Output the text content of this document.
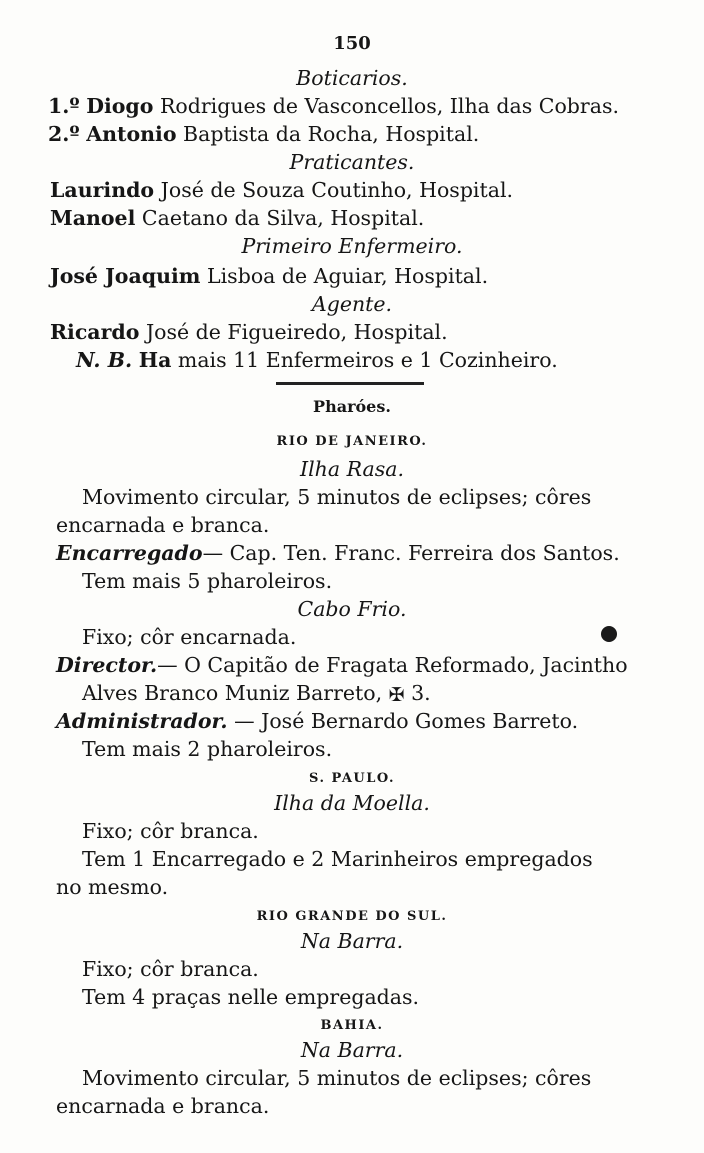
150
Boticarios.
1.º Diogo Rodrigues de Vasconcellos, Ilha das Cobras.
2.º Antonio Baptista da Rocha, Hospital.
Praticantes.
Laurindo José de Souza Coutinho, Hospital.
Manoel Caetano da Silva, Hospital.
Primeiro Enfermeiro.
José Joaquim Lisboa de Aguiar, Hospital.
Agente.
Ricardo José de Figueiredo, Hospital.
N. B. Ha mais 11 Enfermeiros e 1 Cozinheiro.
Pharóes.
RIO DE JANEIRO.
Ilha Rasa.
Movimento circular, 5 minutos de eclipses; côres
encarnada e branca.
Encarregado— Cap. Ten. Franc. Ferreira dos Santos.
Tem mais 5 pharoleiros.
Cabo Frio.
Fixo; côr encarnada.
Director.— O Capitão de Fragata Reformado, Jacintho
Alves Branco Muniz Barreto, ✠ 3.
Administrador. — José Bernardo Gomes Barreto.
Tem mais 2 pharoleiros.
S. PAULO.
Ilha da Moella.
Fixo; côr branca.
Tem 1 Encarregado e 2 Marinheiros empregados
no mesmo.
RIO GRANDE DO SUL.
Na Barra.
Fixo; côr branca.
Tem 4 praças nelle empregadas.
BAHIA.
Na Barra.
Movimento circular, 5 minutos de eclipses; côres
encarnada e branca.
